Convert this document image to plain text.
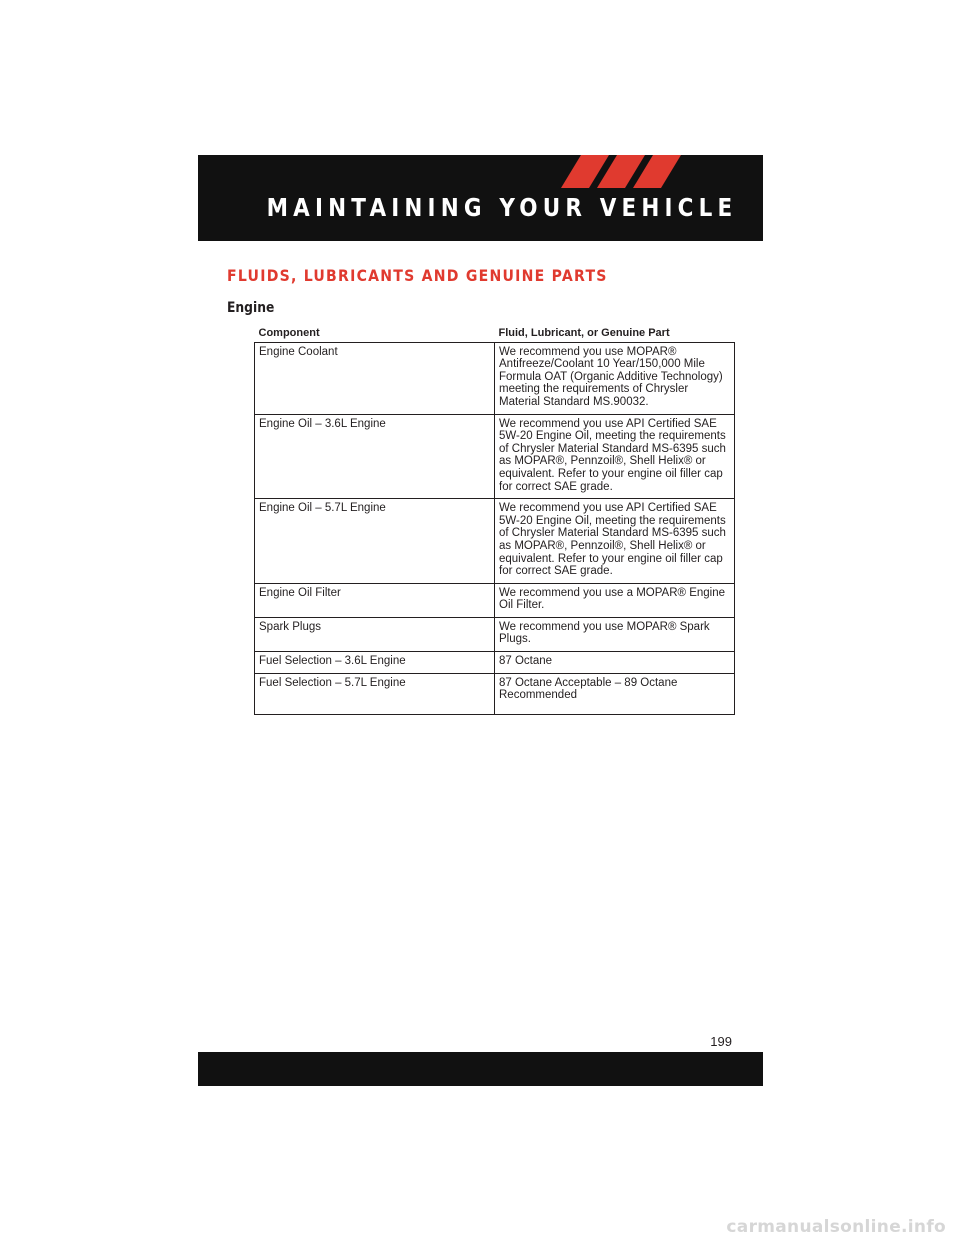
MAINTAINING YOUR VEHICLE
FLUIDS, LUBRICANTS AND GENUINE PARTS
Engine
Component	Fluid, Lubricant, or Genuine Part
Engine Coolant	We recommend you use MOPAR® Antifreeze/Coolant 10 Year/150,000 Mile Formula OAT (Organic Additive Technology) meeting the requirements of Chrysler Material Standard MS.90032.
Engine Oil – 3.6L Engine	We recommend you use API Certified SAE 5W-20 Engine Oil, meeting the requirements of Chrysler Material Standard MS-6395 such as MOPAR®, Pennzoil®, Shell Helix® or equivalent. Refer to your engine oil filler cap for correct SAE grade.
Engine Oil – 5.7L Engine	We recommend you use API Certified SAE 5W-20 Engine Oil, meeting the requirements of Chrysler Material Standard MS-6395 such as MOPAR®, Pennzoil®, Shell Helix® or equivalent. Refer to your engine oil filler cap for correct SAE grade.
Engine Oil Filter	We recommend you use a MOPAR® Engine Oil Filter.
Spark Plugs	We recommend you use MOPAR® Spark Plugs.
Fuel Selection – 3.6L Engine	87 Octane
Fuel Selection – 5.7L Engine	87 Octane Acceptable – 89 Octane Recommended
199
carmanualsonline.info
